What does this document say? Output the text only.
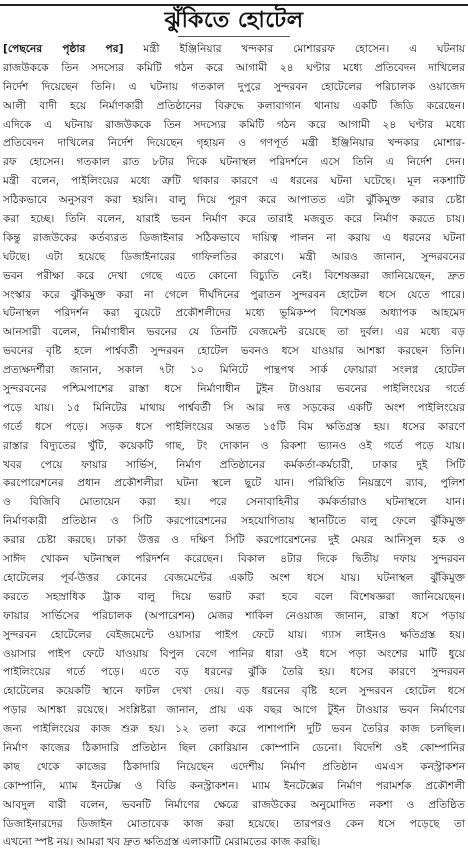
ঝুঁকিতে হোটেল
[পেছনের পৃষ্ঠার পর] মন্ত্রী ইঞ্জিনিয়ার খন্দকার মোশাররফ হোসেন। এ ঘটনায়
রাজউককে তিন সদস্যের কমিটি গঠন করে আগামী ২৪ ঘণ্টার মধ্যে প্রতিবেদন দাখিলের
নির্দেশ দিয়েছেন তিনি। এ ঘটনায় গতকাল দুপুরে সুন্দরবন হোটেলের পরিচালক ওয়াজেদ
আলী বাদী হয়ে নির্মাণকারী প্রতিষ্ঠানের বিরুদ্ধে কলাবাগান থানায় একটি জিডি করেছেন।
এদিকে এ ঘটনায় রাজউককে তিন সদস্যের কমিটি গঠন করে আগামী ২৪ ঘণ্টার মধ্যে
প্রতিবেদন দাখিলের নির্দেশ দিয়েছেন গৃহায়ন ও গণপূর্ত মন্ত্রী ইঞ্জিনিয়ার খন্দকার মোশার-
রফ হোসেন। গতকাল রাত ৮টার দিকে ঘটনাস্থল পরিদর্শনে এসে তিনি এ নির্দেশ দেন।
মন্ত্রী বলেন, পাইলিংয়ের মধ্যে ত্রুটি থাকার কারণে এ ধরনের ঘটনা ঘটেছে। মূল নকশাটি
সঠিকভাবে অনুসরণ করা হয়নি। বালু দিয়ে পূরণ করে আপাতত এটা ঝুঁকিমুক্ত করার চেষ্টা
করা হচ্ছে। তিনি বলেন, যারাই ভবন নির্মাণ করে তারাই মজবুত করে নির্মাণ করতে চায়।
কিন্তু রাজউকের কর্তব্যরত ডিজাইনার সঠিকভাবে দায়িত্ব পালন না করায় এ ধরনের ঘটনা
ঘটছে। এটা হয়েছে ডিজাইনারের গাফিলতির কারণে। মন্ত্রী আরও জানান, সুন্দরবনের
ভবন পরীক্ষা করে দেখা গেছে এতে কোনো বিচ্যুতি নেই। বিশেষজ্ঞরা জানিয়েছেন, দ্রুত
সংস্কার করে ঝুঁকিমুক্ত করা না গেলে দীর্ঘদিনের পুরাতন সুন্দরবন হোটেল ধসে যেতে পারে।
ঘটনাস্থল পরিদর্শন করা বুয়েটে প্রকৌশলীদের মধ্যে ভূমিকম্প বিশেষজ্ঞ অধ্যাপক আহমেদ
আনসারী বলেন, নির্মাণাধীন ভবনের যে তিনটি বেজমেন্ট রয়েছে তা দুর্বল। এর মধ্যে বড়
ভবনের বৃষ্টি হলে পার্শ্ববর্তী সুন্দরবন হোটেল ভবনও ধসে যাওয়ার আশঙ্কা করছেন তিনি।
প্রত্যক্ষদর্শীরা জানান, সকাল ৭টা ১০ মিনিটে পান্থপথ সার্ক ফোয়ারা সংলগ্ন হোটেল
সুন্দরবনের পশ্চিমপাশের রাস্তা ধসে নির্মাণাধীন টুইন টাওয়ার ভবনের পাইলিংয়ের গর্তে
পড়ে যায়। ১৫ মিনিটের মাথায় পার্শ্ববর্তী সি আর দত্ত সড়কের একটি অংশ পাইলিংয়ের
গর্তে ধসে পড়ে। সড়ক ধসে পাইলিংয়ের অন্তত ১৫টি বিম ক্ষতিগ্রস্ত হয়। ধসের কারণে
রাস্তার বিদ্যুতের খুঁটি, কয়েকটি গাছ, টং দোকান ও রিকশা ভ্যানও ওই গর্তে পড়ে যায়।
খবর পেয়ে ফায়ার সার্ভিস, নির্মাণ প্রতিষ্ঠানের কর্মকর্তা-কর্মচারী, ঢাকার দুই সিটি
করপোরেশনের প্রধান প্রকৌশলীরা ঘটনা স্থলে ছুটে যান। পরিস্থিতি নিয়ন্ত্রণে র‌্যাব, পুলিশ
ও বিজিবি মোতায়েন করা হয়। পরে সেনাবাহিনীর কর্মকর্তারাও ঘটনাস্থলে যান।
নির্মাণকারী প্রতিষ্ঠান ও সিটি করপোরেশনের সহযোগিতায় স্থানটিতে বালু ফেলে ঝুঁকিমুক্ত
করার চেষ্টা করছে। ঢাকা উত্তর ও দক্ষিণ সিটি করপোরেশনের দুই মেয়র আনিসুল হক ও
সাঈদ খোকন ঘটনাস্থল পরিদর্শন করেছেন। বিকাল ৪টার দিকে দ্বিতীয় দফায় সুন্দরবন
হোটেলের পূর্ব-উত্তর কোনের বেজমেন্টের একটি অংশ ধসে যায়। ঘটনাস্থল ঝুঁকিমুক্ত
করতে সহস্রাধিক ট্রাক বালু দিয়ে ভরাট করা হবে বলে বিশেষজ্ঞরা জানিয়েছেন।
ফায়ার সার্ভিসের পরিচালক (অপারেশন) মেজর শাকিল নেওয়াজ জানান, রাস্তা ধসে পড়ায়
সুন্দরবন হোটেলের বেইজমেন্টে ওয়াসার পাইপ ফেটে যায়। গ্যাস লাইনও ক্ষতিগ্রস্ত হয়।
ওয়াসার পাইপ ফেটে যাওয়ায় বিপুল বেগে পানির ধারা ওই ধসে পড়া অংশের মাটি ধুয়ে
পাইলিংয়ের গর্তে পড়ে। এতে বড় ধরনের ঝুঁকি তৈরি হয়। ধসের কারণে সুন্দরবন
হোটেলের কয়েকটি স্থানে ফাটল দেখা দেয়। বড় ধরনের বৃষ্টি হলে সুন্দরবন হোটেল ধসে
পড়ার আশঙ্কা রয়েছে। সংশ্লিষ্টরা জানান, প্রায় এক বছর আগে টুইন টাওয়ার ভবন নির্মাণের
জন্য পাইলিংয়ের কাজ শুরু হয়। ১২ তলা করে পাশাপাশি দুটি ভবন তৈরির কাজ চলছিল।
নির্মাণ কাজের ঠিকাদারি প্রতিষ্ঠান ছিল কোরিয়ান কোম্পানি ডেনো। বিদেশি ওই কোম্পানির
কাছ থেকে কাজের ঠিকাদারি নিয়েছেন এদেশীয় নির্মাণ প্রতিষ্ঠান এমএস কনস্ট্রাকশন
কোম্পানি, ম্যাম ইনটেক্স ও বিডি কনস্ট্রাকশন। ম্যাম ইনটেক্সের নির্মাণ পরামর্শক প্রকৌশলী
আবদুল বারী বলেন, ভবনটি নির্মাণের ক্ষেত্রে রাজউকের অনুমোদিত নকশা ও প্রতিষ্ঠিত
ডিজাইনারদের ডিজাইন মোতাবেক কাজ করা হয়েছে। তারপরও কেন ধসে পড়েছে তা
এখনো স্পষ্ট নয়। আমরা খব দ্রুত ক্ষতিগ্রস্ত এলাকাটি মেরামতের কাজ করছি।
